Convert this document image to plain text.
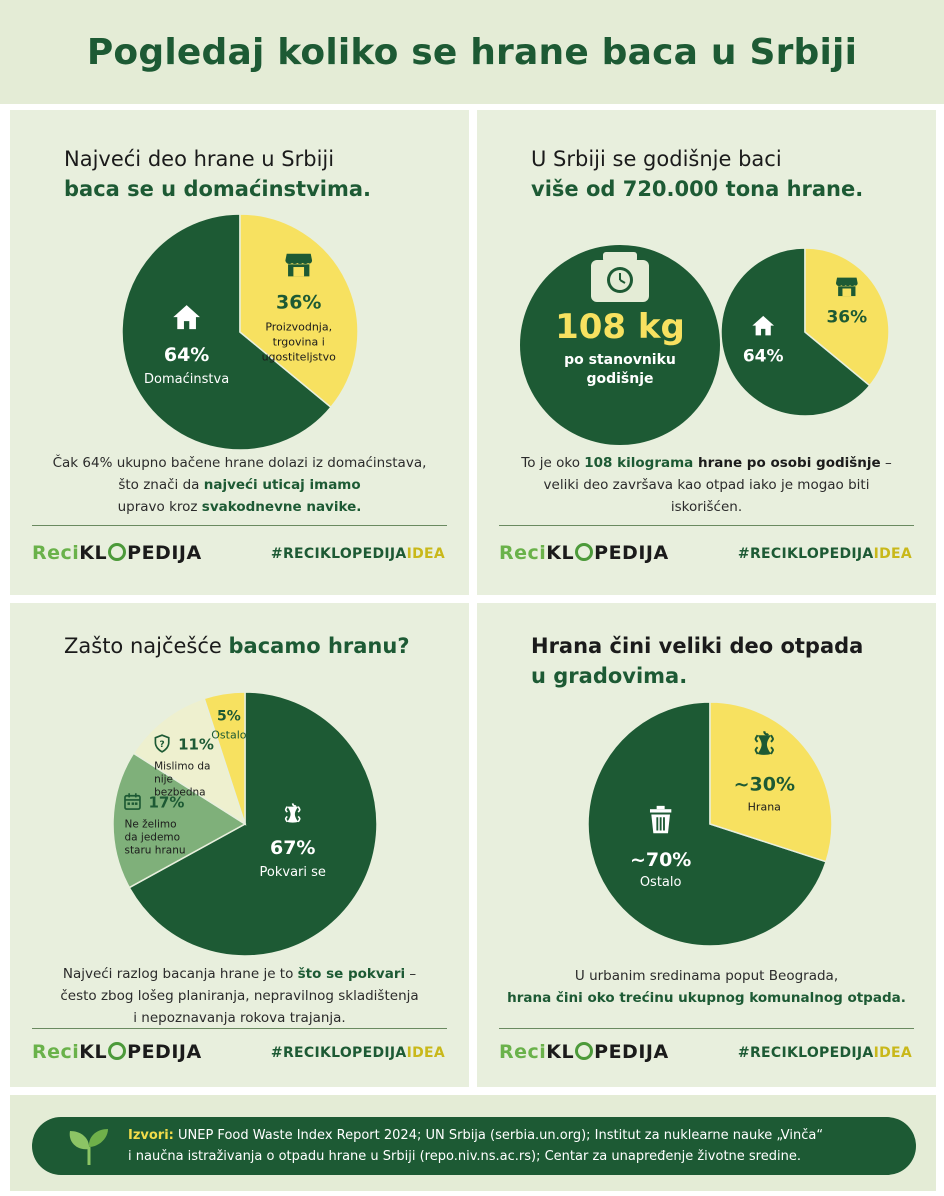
Pogledaj koliko se hrane baca u Srbiji
Najveći deo hrane u Srbiji
baca se u domaćinstvima.
64%
Domaćinstva
36%
Proizvodnja,
trgovina i
ugostiteljstvo
Čak 64% ukupno bačene hrane dolazi iz domaćinstava,
što znači da najveći uticaj imamo
upravo kroz svakodnevne navike.
ReciKL PEDIJA	#RECIKLOPEDIJAIDEA
U Srbiji se godišnje baci
više od 720.000 tona hrane.
108 kg
po stanovniku
godišnje
64%
36%
To je oko 108 kilograma hrane po osobi godišnje –
veliki deo završava kao otpad iako je mogao biti iskorišćen.
ReciKL PEDIJA	#RECIKLOPEDIJAIDEA
Zašto najčešće bacamo hranu?
67%
Pokvari se
17%
Ne želimo
da jedemo
staru hranu
? 11%
Mislimo da
nije
bezbedna
5%
Ostalo
Najveći razlog bacanja hrane je to što se pokvari –
često zbog lošeg planiranja, nepravilnog skladištenja i nepoznavanja rokova trajanja.
ReciKL PEDIJA	#RECIKLOPEDIJAIDEA
Hrana čini veliki deo otpada
u gradovima.
~70%
Ostalo
~30%
Hrana
U urbanim sredinama poput Beograda,
hrana čini oko trećinu ukupnog komunalnog otpada.
ReciKL PEDIJA	#RECIKLOPEDIJAIDEA
Izvori: UNEP Food Waste Index Report 2024; UN Srbija (serbia.un.org); Institut za nuklearne nauke „Vinča“
i naučna istraživanja o otpadu hrane u Srbiji (repo.niv.ns.ac.rs); Centar za unapređenje životne sredine.
